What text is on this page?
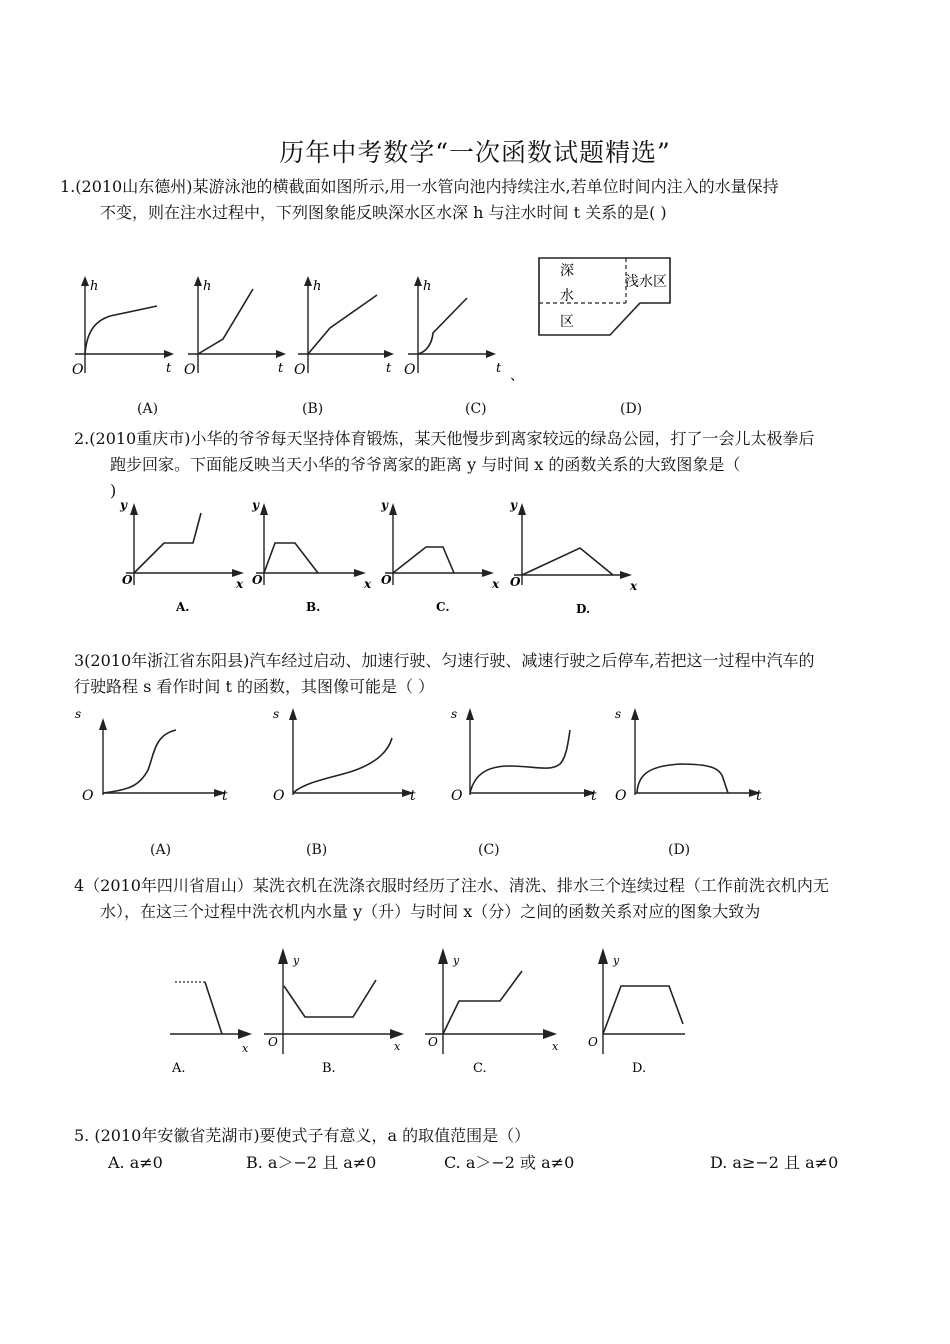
历年中考数学“一次函数试题精选”
1.(2010山东德州)某游泳池的横截面如图所示,用一水管向池内持续注水,若单位时间内注入的水量保持
不变，则在注水过程中，下列图象能反映深水区水深 h 与注水时间 t 关系的是( )
h
t
O
h
t
O
h
t
O
h
t
O	、
深
水
区
浅水区
(A)	(B)	(C)	(D)
2.(2010重庆市)小华的爷爷每天坚持体育锻炼，某天他慢步到离家较远的绿岛公园，打了一会儿太极拳后
跑步回家。下面能反映当天小华的爷爷离家的距离 y 与时间 x 的函数关系的大致图象是（
)
y
x
O
A.
y
x
O
B.
y
x
O
C.
y
x
O
D.
3(2010年浙江省东阳县)汽车经过启动、加速行驶、匀速行驶、减速行驶之后停车,若把这一过程中汽车的
行驶路程 s 看作时间 t 的函数，其图像可能是（ ）
s
t
O
s
t
O
s
t
O
s
t
O
(A)	(B)	(C)	(D)
4（2010年四川省眉山）某洗衣机在洗涤衣服时经历了注水、清洗、排水三个连续过程（工作前洗衣机内无
水），在这三个过程中洗衣机内水量 y（升）与时间 x（分）之间的函数关系对应的图象大致为
x
A.
y
x
O
B.
y
x
O
C.
y
O
D.
5. (2010年安徽省芜湖市)要使式子有意义，a 的取值范围是（）
A. a≠0	B. a＞−2 且 a≠0	C. a＞−2 或 a≠0	D. a≥−2 且 a≠0
